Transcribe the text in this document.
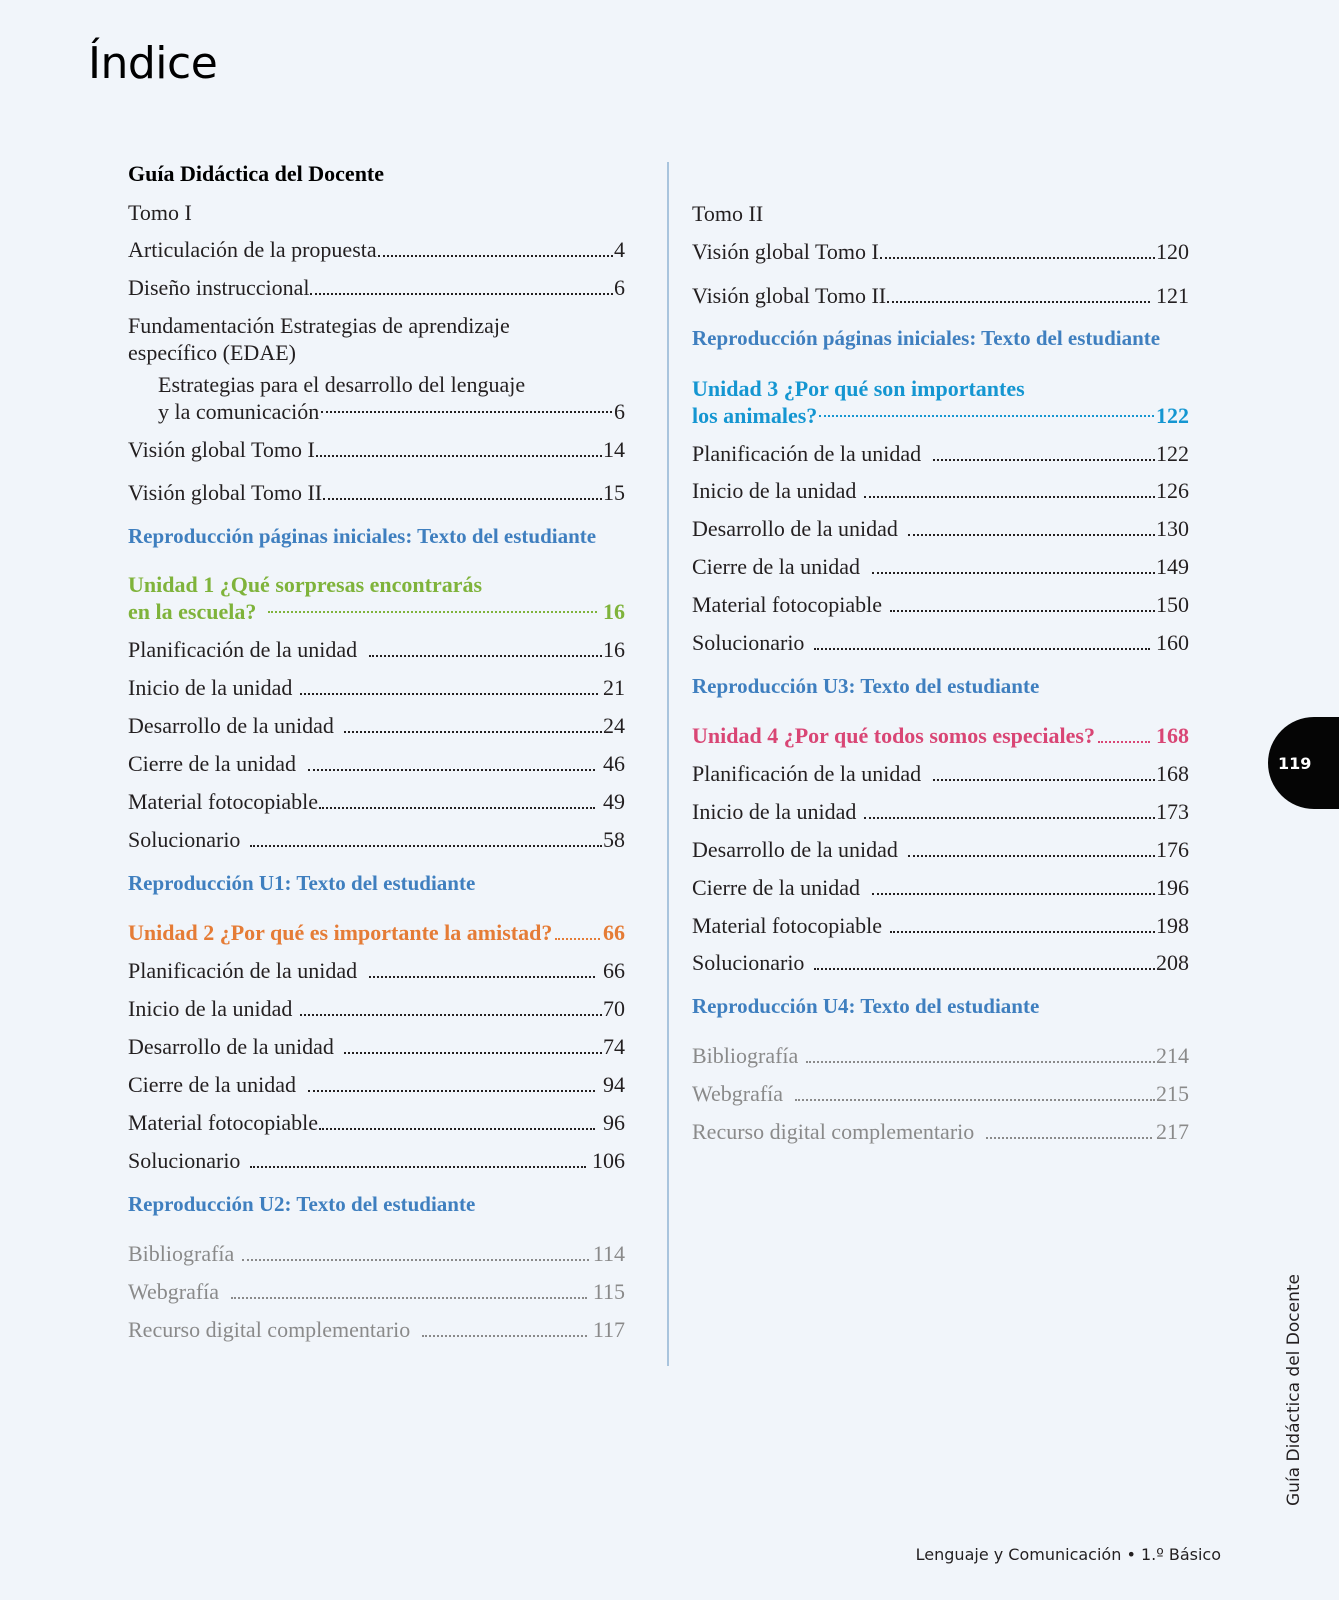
Índice
Guía Didáctica del Docente
Tomo I
Articulación de la propuesta	4
Diseño instruccional	6
Fundamentación Estrategias de aprendizaje
específico (EDAE)
Estrategias para el desarrollo del lenguaje
y la comunicación	6
Visión global Tomo I	14
Visión global Tomo II	15
Reproducción páginas iniciales: Texto del estudiante
Unidad 1 ¿Qué sorpresas encontrarás
en la escuela?	16
Planificación de la unidad	16
Inicio de la unidad	21
Desarrollo de la unidad	24
Cierre de la unidad	46
Material fotocopiable	49
Solucionario	58
Reproducción U1: Texto del estudiante
Unidad 2 ¿Por qué es importante la amistad? 66
Planificación de la unidad	66
Inicio de la unidad	70
Desarrollo de la unidad	74
Cierre de la unidad	94
Material fotocopiable	96
Solucionario	106
Reproducción U2: Texto del estudiante
Bibliografía	114
Webgrafía	115
Recurso digital complementario	117
Tomo II
Visión global Tomo I	120
Visión global Tomo II	121
Reproducción páginas iniciales: Texto del estudiante
Unidad 3 ¿Por qué son importantes
los animales?	122
Planificación de la unidad	122
Inicio de la unidad	126
Desarrollo de la unidad	130
Cierre de la unidad	149
Material fotocopiable	150
Solucionario	160
Reproducción U3: Texto del estudiante
Unidad 4 ¿Por qué todos somos especiales?	168
Planificación de la unidad	168
Inicio de la unidad	173
Desarrollo de la unidad	176
Cierre de la unidad	196
Material fotocopiable	198
Solucionario	208
Reproducción U4: Texto del estudiante
Bibliografía	214
Webgrafía	215
Recurso digital complementario	217
119
Guía Didáctica del Docente
Lenguaje y Comunicación • 1.º Básico
